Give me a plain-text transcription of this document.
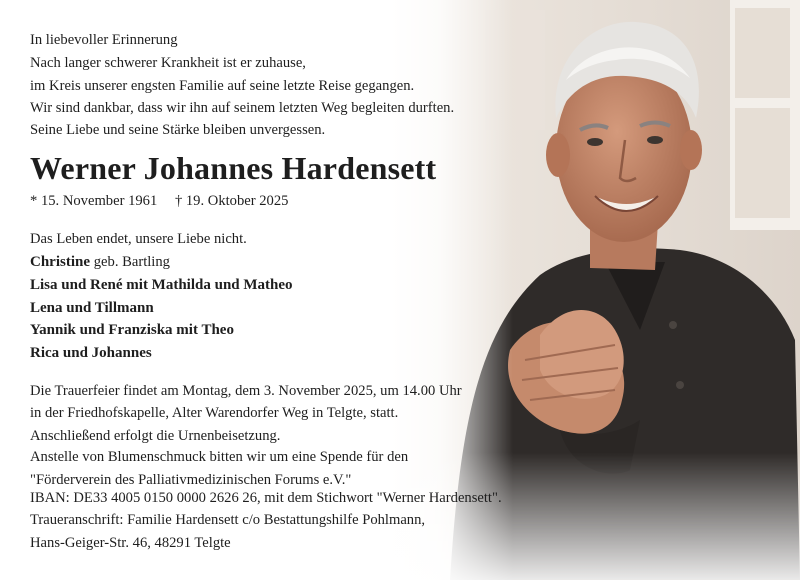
In liebevoller Erinnerung
Nach langer schwerer Krankheit ist er zuhause,
im Kreis unserer engsten Familie auf seine letzte Reise gegangen.
Wir sind dankbar, dass wir ihn auf seinem letzten Weg begleiten durften.
Seine Liebe und seine Stärke bleiben unvergessen.
Werner Johannes Hardensett
* 15. November 1961 † 19. Oktober 2025
Das Leben endet, unsere Liebe nicht.
Christine geb. Bartling
Lisa und René mit Mathilda und Matheo
Lena und Tillmann
Yannik und Franziska mit Theo
Rica und Johannes
Die Trauerfeier findet am Montag, dem 3. November 2025, um 14.00 Uhr
in der Friedhofskapelle, Alter Warendorfer Weg in Telgte, statt.
Anschließend erfolgt die Urnenbeisetzung.
Anstelle von Blumenschmuck bitten wir um eine Spende für den
"Förderverein des Palliativmedizinischen Forums e.V."
IBAN: DE33 4005 0150 0000 2626 26, mit dem Stichwort "Werner Hardensett".
Traueranschrift: Familie Hardensett c/o Bestattungshilfe Pohlmann,
Hans-Geiger-Str. 46, 48291 Telgte
